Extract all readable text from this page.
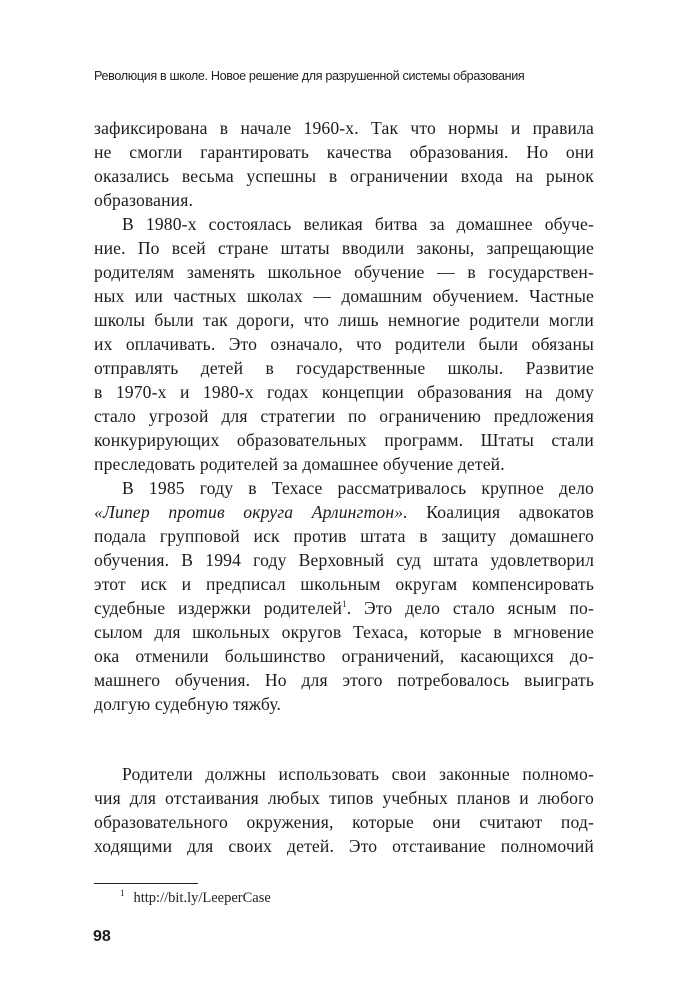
Революция в школе. Новое решение для разрушенной системы образования
зафиксирована в начале 1960-х. Так что нормы и правила
не смогли гарантировать качества образования. Но они
оказались весьма успешны в ограничении входа на рынок
образования.
В 1980-х состоялась великая битва за домашнее обуче-
ние. По всей стране штаты вводили законы, запрещающие
родителям заменять школьное обучение — в государствен-
ных или частных школах — домашним обучением. Частные
школы были так дороги, что лишь немногие родители могли
их оплачивать. Это означало, что родители были обязаны
отправлять детей в государственные школы. Развитие
в 1970-х и 1980-х годах концепции образования на дому
стало угрозой для стратегии по ограничению предложения
конкурирующих образовательных программ. Штаты стали
преследовать родителей за домашнее обучение детей.
В 1985 году в Техасе рассматривалось крупное дело
«Липер против округа Арлингтон». Коалиция адвокатов
подала групповой иск против штата в защиту домашнего
обучения. В 1994 году Верховный суд штата удовлетворил
этот иск и предписал школьным округам компенсировать
судебные издержки родителей$^1$. Это дело стало ясным по-
сылом для школьных округов Техаса, которые в мгновение
ока отменили большинство ограничений, касающихся до-
машнего обучения. Но для этого потребовалось выиграть
долгую судебную тяжбу.
Родители должны использовать свои законные полномо-
чия для отстаивания любых типов учебных планов и любого
образовательного окружения, которые они считают под-
ходящими для своих детей. Это отстаивание полномочий
$^1$ http://bit.ly/LeeperCase
98
